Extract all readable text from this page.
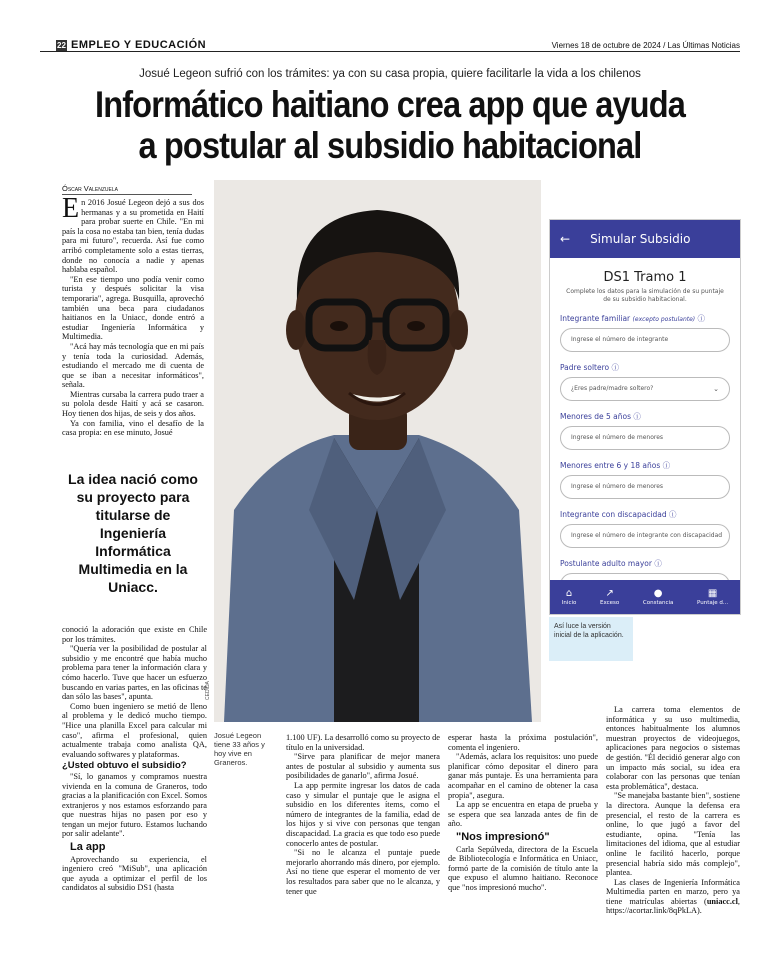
22 EMPLEO Y EDUCACIÓN	Viernes 18 de octubre de 2024 / Las Últimas Noticias
Josué Legeon sufrió con los trámites: ya con su casa propia, quiere facilitarle la vida a los chilenos
Informático haitiano crea app que ayuda
a postular al subsidio habitacional
Óscar Valenzuela

En 2016 Josué Legeon dejó a sus dos hermanas y a su prometida en Haití para probar suerte en Chile. "En mi país la cosa no estaba tan bien, tenía dudas para mi futuro", recuerda. Así fue como arribó completamente solo a estas tierras, donde no conocía a nadie y apenas hablaba español.

"En ese tiempo uno podía venir como turista y después solicitar la visa temporaria", agrega. Busquilla, aprovechó también una beca para ciudadanos haitianos en la Uniacc, donde entró a estudiar Ingeniería Informática y Multimedia.

"Acá hay más tecnología que en mi país y tenía toda la curiosidad. Además, estudiando el mercado me di cuenta de que se iban a necesitar informáticos", señala.

Mientras cursaba la carrera pudo traer a su polola desde Haití y acá se casaron. Hoy tienen dos hijas, de seis y dos años.

Ya con familia, vino el desafío de la casa propia: en ese minuto, Josué

La idea nació como su proyecto para titularse de Ingeniería Informática Multimedia en la Uniacc.

conoció la adoración que existe en Chile por los trámites.

"Quería ver la posibilidad de postular al subsidio y me encontré que había mucho problema para tener la información clara y cómo hacerlo. Tuve que hacer un esfuerzo buscando en varias partes, en las oficinas te dan sólo las bases", apunta.

Como buen ingeniero se metió de lleno al problema y le dedicó mucho tiempo. "Hice una planilla Excel para calcular mi caso", afirma el profesional, quien actualmente trabaja como analista QA, evaluando softwares y plataformas.

¿Usted obtuvo el subsidio?

"Sí, lo ganamos y compramos nuestra vivienda en la comuna de Graneros, todo gracias a la planificación con Excel. Somos extranjeros y nos estamos esforzando para que nuestras hijas no pasen por eso y tengan un mejor futuro. Estamos luchando por salir adelante".

La app

Aprovechando su experiencia, el ingeniero creó "MiSub", una aplicación que ayuda a optimizar el perfil de los candidatos al subsidio DS1 (hasta

CEDIDA
Josué Legeon tiene 33 años y hoy vive en Graneros.
← Simular Subsidio
DS1 Tramo 1
Complete los datos para la simulación de su puntaje de su subsidio habitacional.
Integrante familiar (excepto postulante) ⓘ
Ingrese el número de integrante
Padre soltero ⓘ
¿Eres padre/madre soltero?	⌄
Menores de 5 años ⓘ
Ingrese el número de menores
Menores entre 6 y 18 años ⓘ
Ingrese el número de menores
Integrante con discapacidad ⓘ
Ingrese el número de integrante con discapacidad
Postulante adulto mayor ⓘ
⌂
Inicio
↗
Exceso
●
Constancia
▦
Puntaje d...
Así luce la versión inicial de la aplicación.

1.100 UF). La desarrolló como su proyecto de título en la universidad.

"Sirve para planificar de mejor manera antes de postular al subsidio y aumenta sus posibilidades de ganarlo", afirma Josué.

La app permite ingresar los datos de cada caso y simular el puntaje que le asigna el subsidio en los diferentes ítems, como el número de integrantes de la familia, edad de los hijos y si vive con personas que tengan discapacidad. La gracia es que todo eso puede conocerlo antes de postular.

"Si no le alcanza el puntaje puede mejorarlo ahorrando más dinero, por ejemplo. Así no tiene que esperar el momento de ver los resultados para saber que no le alcanza, y tener que

esperar hasta la próxima postulación", comenta el ingeniero.

"Además, aclara los requisitos: uno puede planificar cómo depositar el dinero para ganar más puntaje. Es una herramienta para acompañar en el camino de obtener la casa propia", asegura.

La app se encuentra en etapa de prueba y se espera que sea lanzada antes de fin de año.

"Nos impresionó"

Carla Sepúlveda, directora de la Escuela de Bibliotecología e Informática en Uniacc, formó parte de la comisión de título ante la que expuso el alumno haitiano. Reconoce que "nos impresionó mucho".

La carrera toma elementos de informática y su uso multimedia, entonces habitualmente los alumnos muestran proyectos de videojuegos, aplicaciones para negocios o sistemas de gestión. "Él decidió generar algo con un impacto más social, su idea era colaborar con las personas que tenían esta problemática", destaca.

"Se manejaba bastante bien", sostiene la directora. Aunque la defensa era presencial, el resto de la carrera es online, lo que jugó a favor del estudiante, opina. "Tenía las limitaciones del idioma, que al estudiar online le facilitó hacerlo, porque presencial habría sido más complejo", plantea.

Las clases de Ingeniería Informática Multimedia parten en marzo, pero ya tiene matrículas abiertas (uniacc.cl, https://acortar.link/8qPkLA).
